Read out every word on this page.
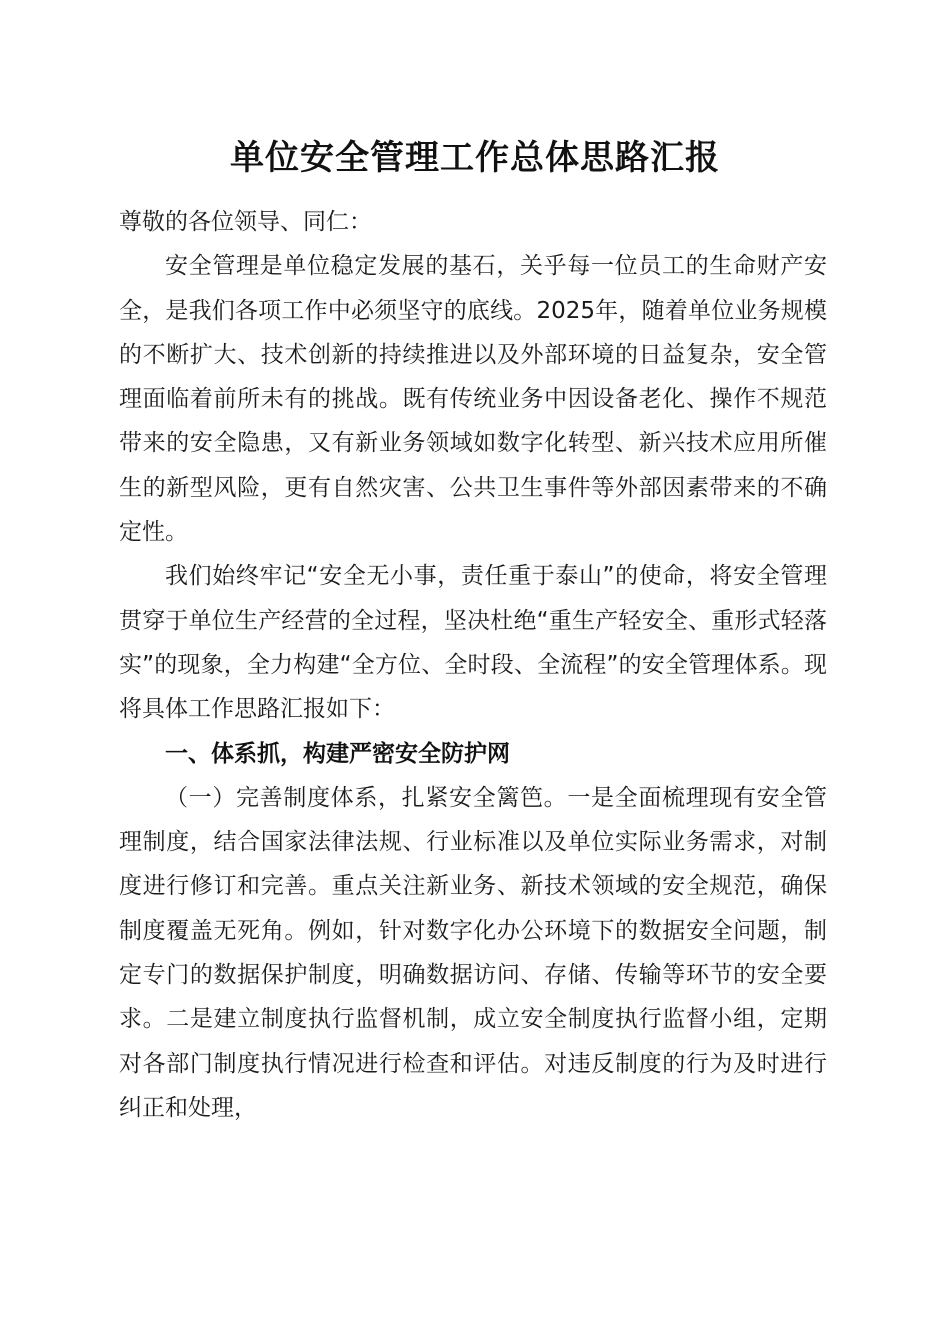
单位安全管理工作总体思路汇报

尊敬的各位领导、同仁：

安全管理是单位稳定发展的基石，关乎每一位员工的生命财产安全，是我们各项工作中必须坚守的底线。2025年，随着单位业务规模的不断扩大、技术创新的持续推进以及外部环境的日益复杂，安全管理面临着前所未有的挑战。既有传统业务中因设备老化、操作不规范带来的安全隐患，又有新业务领域如数字化转型、新兴技术应用所催生的新型风险，更有自然灾害、公共卫生事件等外部因素带来的不确定性。

我们始终牢记“安全无小事，责任重于泰山”的使命，将安全管理贯穿于单位生产经营的全过程，坚决杜绝“重生产轻安全、重形式轻落实”的现象，全力构建“全方位、全时段、全流程”的安全管理体系。现将具体工作思路汇报如下：

一、体系抓，构建严密安全防护网

（一）完善制度体系，扎紧安全篱笆。一是全面梳理现有安全管理制度，结合国家法律法规、行业标准以及单位实际业务需求，对制度进行修订和完善。重点关注新业务、新技术领域的安全规范，确保制度覆盖无死角。例如，针对数字化办公环境下的数据安全问题，制定专门的数据保护制度，明确数据访问、存储、传输等环节的安全要求。二是建立制度执行监督机制，成立安全制度执行监督小组，定期对各部门制度执行情况进行检查和评估。对违反制度的行为及时进行纠正和处理，
